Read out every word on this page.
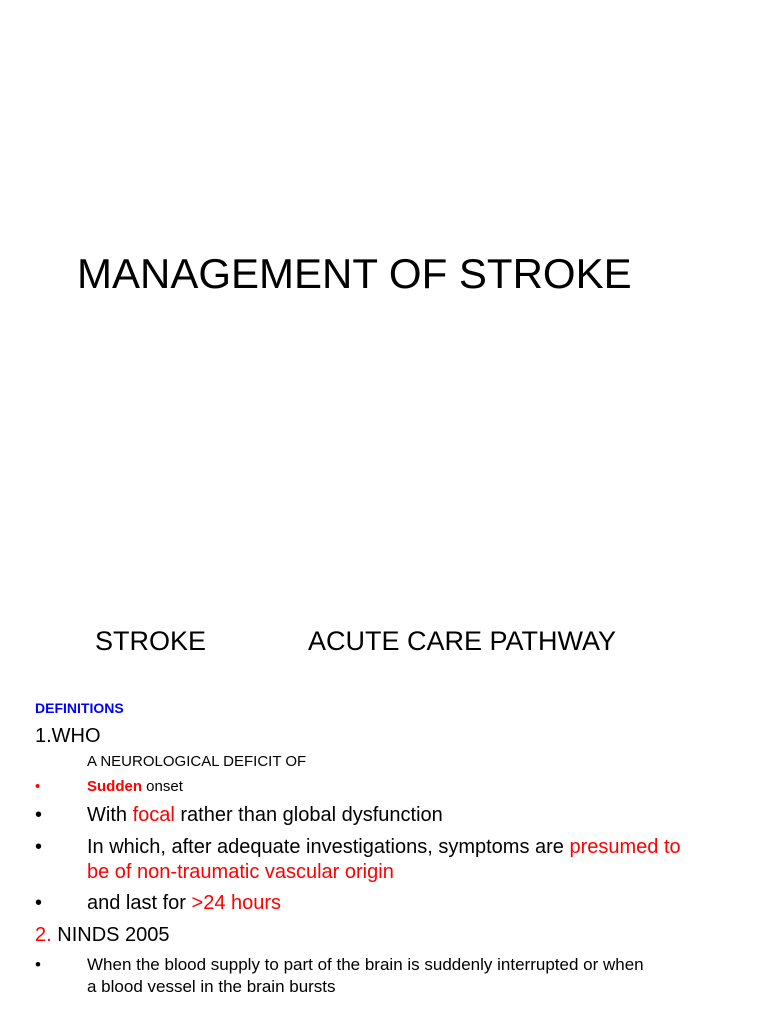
MANAGEMENT OF STROKE
STROKE	ACUTE CARE PATHWAY
DEFINITIONS
1.WHO
A NEUROLOGICAL DEFICIT OF
•	Sudden onset
• With focal rather than global dysfunction
• In which, after adequate investigations, symptoms are presumed to
be of non-traumatic vascular origin
• and last for >24 hours
2. NINDS 2005
•	When the blood supply to part of the brain is suddenly interrupted or when
a blood vessel in the brain bursts
